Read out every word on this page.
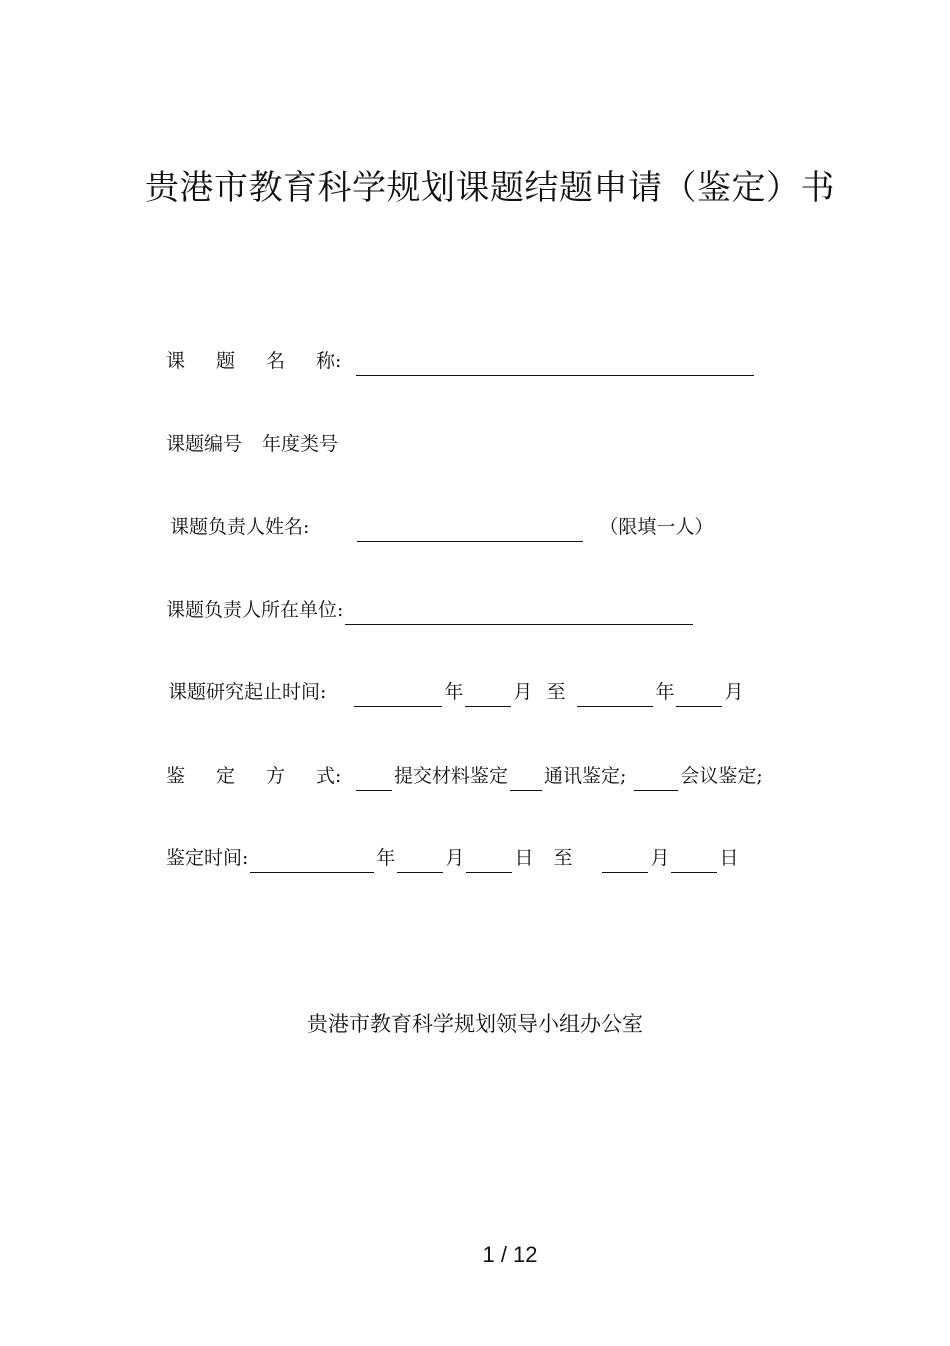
贵港市教育科学规划课题结题申请（鉴定）书
课 题 名 称:
课题编号 年度类号
课题负责人姓名:	（限填一人）
课题负责人所在单位:
课题研究起止时间:	年	月 至	年	月
鉴 定 方 式:	提交材料鉴定 通讯鉴定;	会议鉴定;
鉴定时间:	年	月	日 至	月	日
贵港市教育科学规划领导小组办公室
1 / 12
